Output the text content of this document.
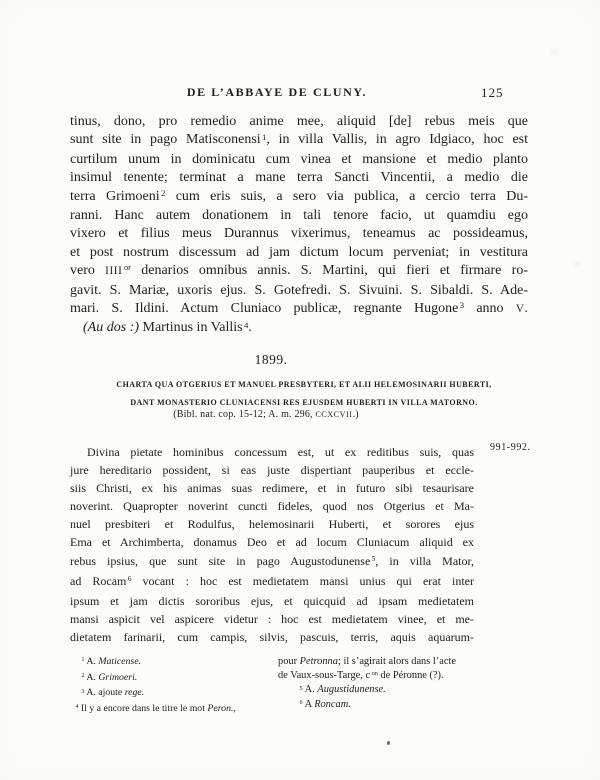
DE L’ABBAYE DE CLUNY.	125
tinus, dono, pro remedio anime mee, aliquid [de] rebus meis que
sunt site in pago Matisconensi $^1$, in villa Vallis, in agro Idgiaco, hoc est
curtilum unum in dominicatu cum vinea et mansione et medio planto
insimul tenente; terminat a mane terra Sancti Vincentii, a medio die
terra Grimoeni $^2$ cum eris suis, a sero via publica, a cercio terra Du-
ranni. Hanc autem donationem in tali tenore facio, ut quamdiu ego
vixero et filius meus Durannus vixerimus, teneamus ac possideamus,
et post nostrum discessum ad jam dictum locum perveniat; in vestitura
vero IIII $^{or}$ denarios omnibus annis. S. Martini, qui fieri et firmare ro-
gavit. S. Mariæ, uxoris ejus. S. Gotefredi. S. Sivuini. S. Sibaldi. S. Ade-
mari. S. Ildini. Actum Cluniaco publicæ, regnante Hugone $^3$ anno V.
(Au dos :) Martinus in Vallis $^4$.
1899.
CHARTA QUA OTGERIUS ET MANUEL PRESBYTERI, ET ALII HELEMOSINARII HUBERTI,
DANT MONASTERIO CLUNIACENSI RES EJUSDEM HUBERTI IN VILLA MATORNO.
(Bibl. nat. cop. 15-12; A. m. 296, CCXCVII.)
991-992.
Divina pietate hominibus concessum est, ut ex reditibus suis, quas
jure hereditario possident, si eas juste dispertiant pauperibus et eccle-
siis Christi, ex his animas suas redimere, et in futuro sibi tesaurisare
noverint. Quapropter noverint cuncti fideles, quod nos Otgerius et Ma-
nuel presbiteri et Rodulfus, helemosinarii Huberti, et sorores ejus
Ema et Archimberta, donamus Deo et ad locum Cluniacum aliquid ex
rebus ipsius, que sunt site in pago Augustodunense $^5$, in villa Mator,
ad Rocam $^6$ vocant : hoc est medietatem mansi unius qui erat inter
ipsum et jam dictis sororibus ejus, et quicquid ad ipsam medietatem
mansi aspicit vel aspicere videtur : hoc est medietatem vinee, et me-
dietatem farinarii, cum campis, silvis, pascuis, terris, aquis aquarum-
$^1$ A. Maticense.
$^2$ A. Grimoeri.
$^3$ A. ajoute rege.
$^4$ Il y a encore dans le titre le mot Peron.,
pour Petronna; il s’agirait alors dans l’acte
de Vaux-sous-Targe, c $^{on}$ de Péronne (?).
$^5$ A. Augustidunense.
$^6$ A Roncam.
